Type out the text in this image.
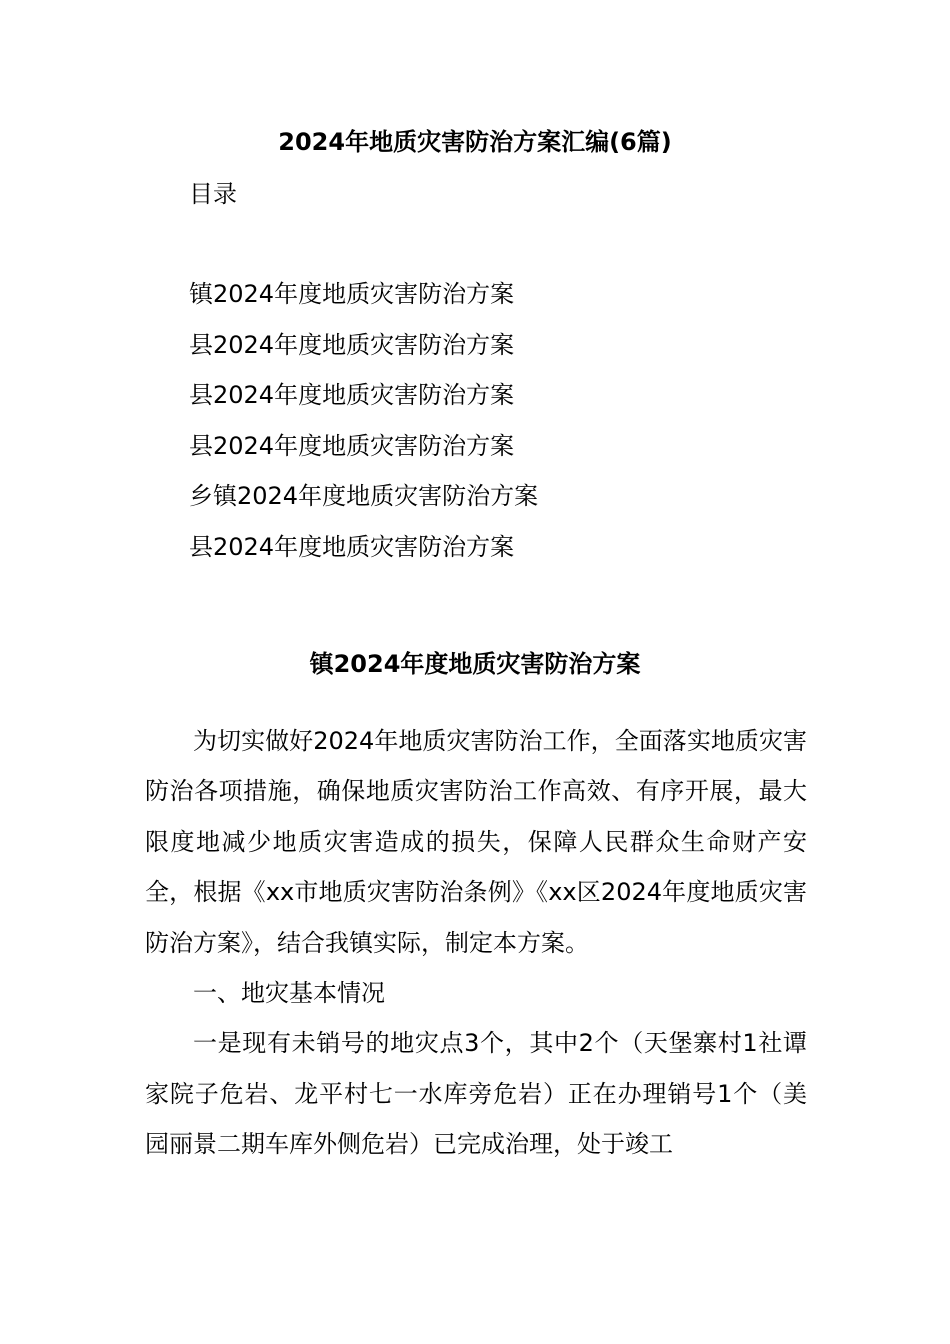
2024年地质灾害防治方案汇编(6篇)
目录
镇2024年度地质灾害防治方案
县2024年度地质灾害防治方案
县2024年度地质灾害防治方案
县2024年度地质灾害防治方案
乡镇2024年度地质灾害防治方案
县2024年度地质灾害防治方案
镇2024年度地质灾害防治方案

为切实做好2024年地质灾害防治工作，全面落实地质灾害防治各项措施，确保地质灾害防治工作高效、有序开展，最大限度地减少地质灾害造成的损失，保障人民群众生命财产安全，根据《xx市地质灾害防治条例》《xx区2024年度地质灾害防治方案》，结合我镇实际，制定本方案。

一、地灾基本情况

一是现有未销号的地灾点3个，其中2个（天堡寨村1社谭家院子危岩、龙平村七一水库旁危岩）正在办理销号1个（美园丽景二期车库外侧危岩）已完成治理，处于竣工
